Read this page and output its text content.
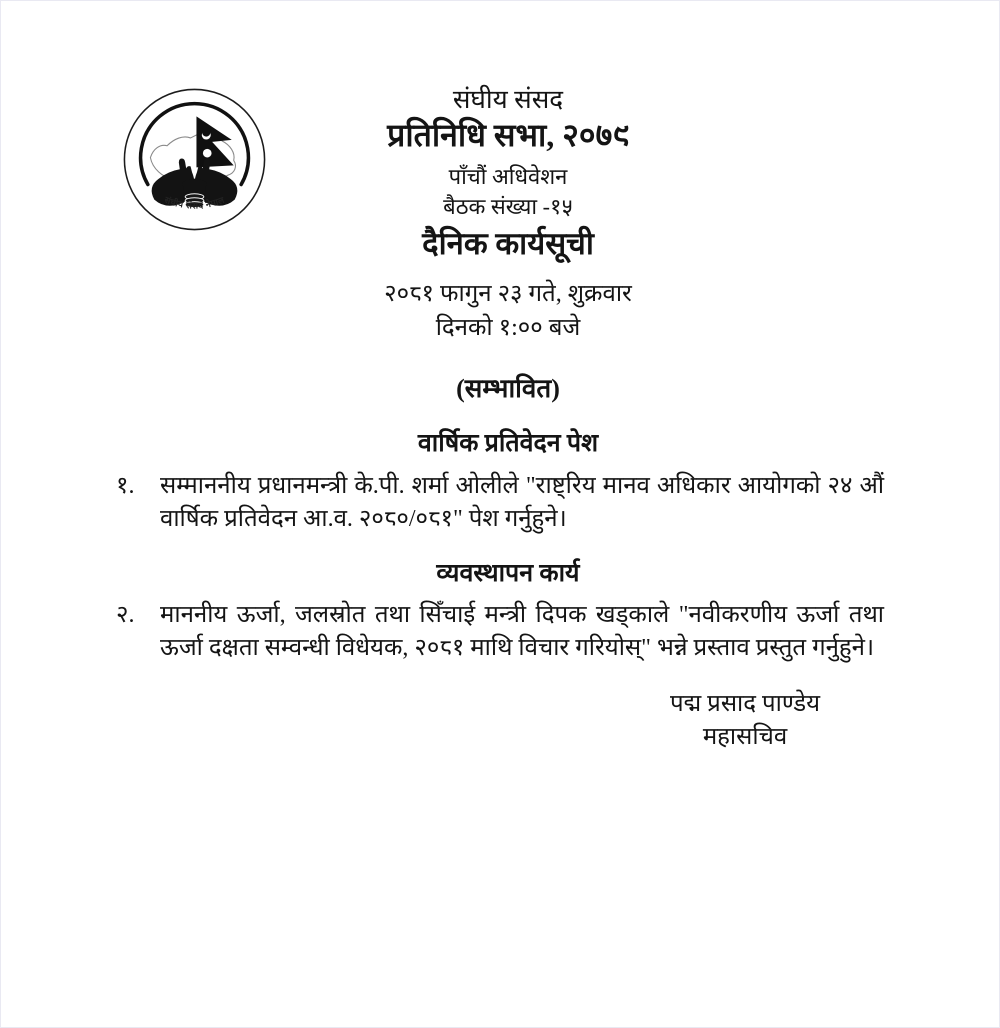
संघीय संसद नेपाल
संघीय संसद
प्रतिनिधि सभा, २०७९
पाँचौं अधिवेशन
बैठक संख्या -१५
दैनिक कार्यसूची
२०८१ फागुन २३ गते, शुक्रवार
दिनको १:०० बजे
(सम्भावित)
वार्षिक प्रतिवेदन पेश
१.	सम्माननीय प्रधानमन्त्री के.पी. शर्मा ओलीले "राष्ट्रिय मानव अधिकार आयोगको २४ औं वार्षिक प्रतिवेदन आ.व. २०८०/०८१" पेश गर्नुहुने।
व्यवस्थापन कार्य
२.	माननीय ऊर्जा, जलस्रोत तथा सिँचाई मन्त्री दिपक खड्काले "नवीकरणीय ऊर्जा तथा ऊर्जा दक्षता सम्वन्धी विधेयक, २०८१ माथि विचार गरियोस्" भन्ने प्रस्ताव प्रस्तुत गर्नुहुने।
पद्म प्रसाद पाण्डेय
महासचिव
